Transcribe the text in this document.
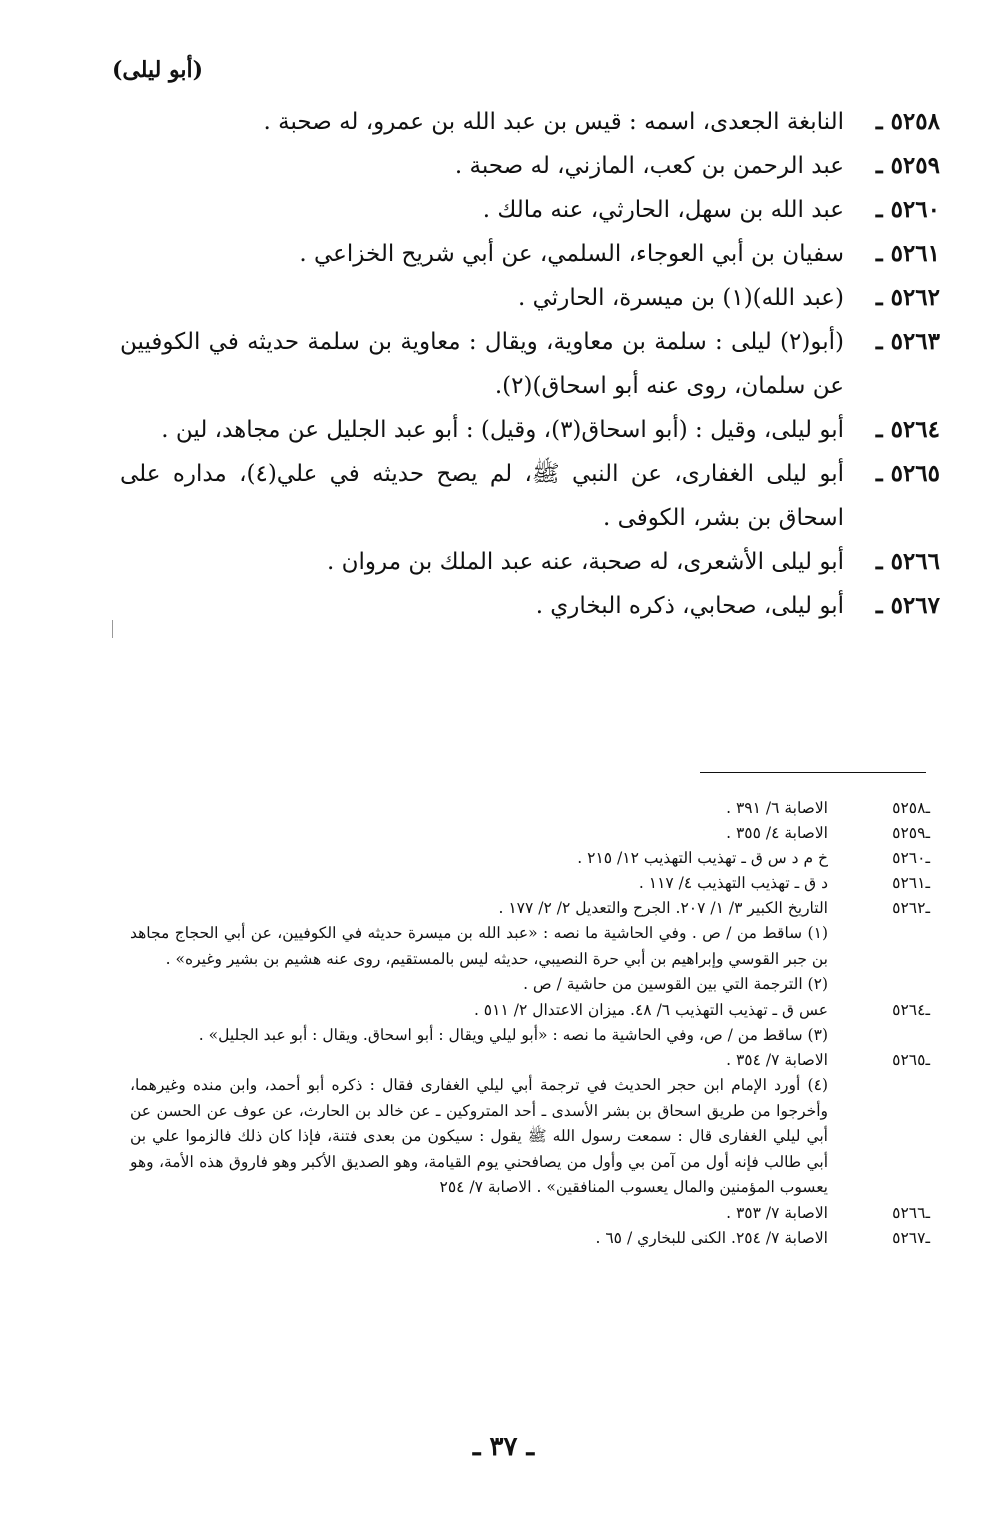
(أبو ليلى)
٥٢٥٨ ـ
النابغة الجعدى، اسمه : قيس بن عبد الله بن عمرو، له صحبة .
٥٢٥٩ ـ
عبد الرحمن بن كعب، المازني، له صحبة .
٥٢٦٠ ـ
عبد الله بن سهل، الحارثي، عنه مالك .
٥٢٦١ ـ
سفيان بن أبي العوجاء، السلمي، عن أبي شريح الخزاعي .
٥٢٦٢ ـ
(عبد الله)(١) بن ميسرة، الحارثي .
٥٢٦٣ ـ
(أبو(٢) ليلى : سلمة بن معاوية، ويقال : معاوية بن سلمة حديثه في الكوفيين عن سلمان، روى عنه أبو اسحاق)(٢).
٥٢٦٤ ـ
أبو ليلى، وقيل : (أبو اسحاق(٣)، وقيل) : أبو عبد الجليل عن مجاهد، لين .
٥٢٦٥ ـ
أبو ليلى الغفارى، عن النبي ﷺ، لم يصح حديثه في علي(٤)، مداره على اسحاق بن بشر، الكوفى .
٥٢٦٦ ـ
أبو ليلى الأشعرى، له صحبة، عنه عبد الملك بن مروان .
٥٢٦٧ ـ
أبو ليلى، صحابي، ذكره البخاري .
ـ٥٢٥٨
الاصابة ٦/ ٣٩١ .
ـ٥٢٥٩
الاصابة ٤/ ٣٥٥ .
ـ٥٢٦٠
خ م د س ق ـ تهذيب التهذيب ١٢/ ٢١٥ .
ـ٥٢٦١
د ق ـ تهذيب التهذيب ٤/ ١١٧ .
ـ٥٢٦٢
التاريخ الكبير ٣/ ١/ ٢٠٧. الجرح والتعديل ٢/ ٢/ ١٧٧ .
(١) ساقط من / ص . وفي الحاشية ما نصه : «عبد الله بن ميسرة حديثه في الكوفيين، عن أبي الحجاج مجاهد بن جبر القوسي وإبراهيم بن أبي حرة النصيبي، حديثه ليس بالمستقيم، روى عنه هشيم بن بشير وغيره» .
(٢) الترجمة التي بين القوسين من حاشية / ص .
ـ٥٢٦٤
عس ق ـ تهذيب التهذيب ٦/ ٤٨. ميزان الاعتدال ٢/ ٥١١ .
(٣) ساقط من / ص، وفي الحاشية ما نصه : «أبو ليلي ويقال : أبو اسحاق. ويقال : أبو عبد الجليل» .
ـ٥٢٦٥
الاصابة ٧/ ٣٥٤ .
(٤) أورد الإمام ابن حجر الحديث في ترجمة أبي ليلي الغفارى فقال : ذكره أبو أحمد، وابن منده وغيرهما، وأخرجوا من طريق اسحاق بن بشر الأسدى ـ أحد المتروكين ـ عن خالد بن الحارث، عن عوف عن الحسن عن أبي ليلي الغفارى قال : سمعت رسول الله ﷺ يقول : سيكون من بعدى فتنة، فإذا كان ذلك فالزموا علي بن أبي طالب فإنه أول من آمن بي وأول من يصافحني يوم القيامة، وهو الصديق الأكبر وهو فاروق هذه الأمة، وهو يعسوب المؤمنين والمال يعسوب المنافقين» . الاصابة ٧/ ٢٥٤
ـ٥٢٦٦
الاصابة ٧/ ٣٥٣ .
ـ٥٢٦٧
الاصابة ٧/ ٢٥٤. الكنى للبخاري / ٦٥ .
ـ ٣٧ ـ
